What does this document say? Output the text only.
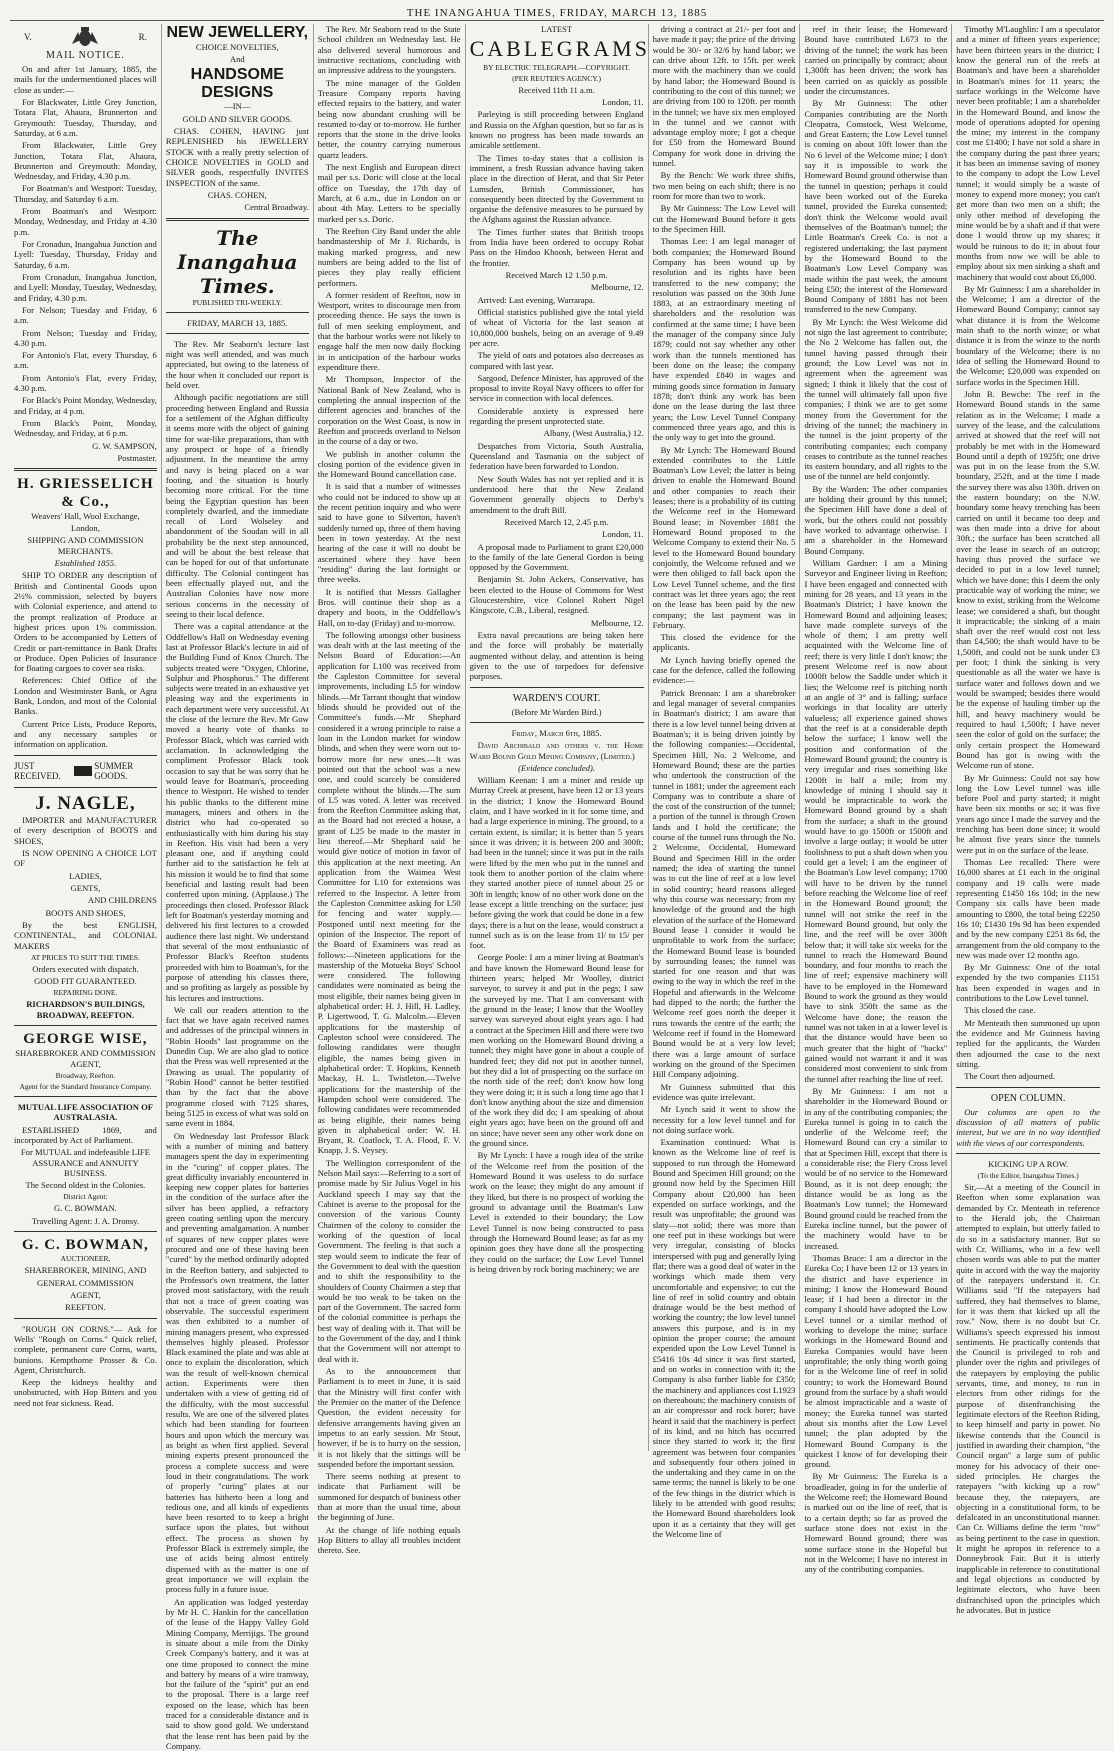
THE INANGAHUA TIMES, FRIDAY, MARCH 13, 1885
V.	R.

MAIL NOTICE.

On and after 1st January, 1885, the mails for the undermentioned places will close as under:—

For Blackwater, Little Grey Junction, Totara Flat, Ahaura, Brunnerton and Greymouth: Tuesday, Thursday, and Saturday, at 6 a.m.

From Blackwater, Little Grey Junction, Totara Flat, Ahaura, Brunnerton and Greymouth: Monday, Wednesday, and Friday, 4.30 p.m.

For Boatman's and Westport: Tuesday, Thursday, and Saturday 6 a.m.

From Boatman's and Westport: Monday, Wednesday, and Friday at 4.30 p.m.

For Cronadun, Inangahua Junction and Lyell: Tuesday, Thursday, Friday and Saturday, 6 a.m.

From Cronadun, Inangahua Junction, and Lyell: Monday, Tuesday, Wednesday, and Friday, 4.30 p.m.

For Nelson; Tuesday and Friday, 6 a.m.

From Nelson; Tuesday and Friday, 4.30 p.m.

For Antonio's Flat, every Thursday, 6 a.m.

From Antonio's Flat, every Friday, 4.30 p.m.

For Black's Point Monday, Wednesday, and Friday, at 4 p.m.

From Black's Point, Monday, Wednesday, and Friday, at 6 p.m.

G. W. SAMPSON,

Postmaster.

H. GRIESSELICH & Co.,

Weavers' Hall, Wool Exchange,

London,

SHIPPING AND COMMISSION MERCHANTS.

Established 1855.

SHIP TO ORDER any description of British and Continental Goods upon 2½% commission, selected by buyers with Colonial experience, and attend to the prompt realization of Produce at highest prices upon 1% commission. Orders to be accompanied by Letters of Credit or part-remittance in Bank Drafts or Produce. Open Policies of Insurance for floating cargoes to cover sea risks.

References: Chief Office of the London and Westminster Bank, or Agra Bank, London, and most of the Colonial Banks.

Current Price Lists, Produce Reports, and any necessary samples or information on application.

JUST RECEIVED.
SUMMER GOODS.
J. NAGLE,

IMPORTER and MANUFACTURER of every description of BOOTS and SHOES,

IS NOW OPENING A CHOICE LOT OF

LADIES,

GENTS,

AND CHILDRENS

BOOTS AND SHOES,

By the best ENGLISH, CONTINENTAL, and COLONIAL MAKERS

AT PRICES TO SUIT THE TIMES.

Orders executed with dispatch.

GOOD FIT GUARANTEED.

REPAIRING DONE.

RICHARDSON'S BUILDINGS, BROADWAY, REEFTON.

GEORGE WISE,

SHAREBROKER AND COMMISSION AGENT,

Broadway, Reefton.

Agent for the Standard Insurance Company.

MUTUAL LIFE ASSOCIATION OF AUSTRALASIA.

ESTABLISHED 1869, and incorporated by Act of Parliament.

For MUTUAL and indefeasible LIFE ASSURANCE and ANNUITY BUSINESS.

The Second oldest in the Colonies.

District Agent:

G. C. BOWMAN.

Travelling Agent: J. A. Dronsy.

G. C. BOWMAN,

AUCTIONEER,

SHAREBROKER, MINING, AND

GENERAL COMMISSION

AGENT,

REEFTON.

"ROUGH ON CORNS."— Ask for Wells' "Rough on Corns." Quick relief, complete, permanent cure Corns, warts, bunions. Kempthorne Prosser & Co. Agent, Christchurch.

Keep the kidneys healthy and unobstructed, with Hop Bitters and you need not fear sickness. Read.

NEW JEWELLERY,

CHOICE NOVELTIES,

And

HANDSOME DESIGNS

—IN—

GOLD AND SILVER GOODS.

CHAS. COHEN, HAVING just REPLENISHED his JEWELLERY STOCK with a really pretty selection of CHOICE NOVELTIES in GOLD and SILVER goods, respectfully INVITES INSPECTION of the same.

CHAS. COHEN,

Central Broadway.

The Inangahua Times.

PUBLISHED TRI-WEEKLY.

FRIDAY, MARCH 13, 1885.

The Rev. Mr Seaborn's lecture last night was well attended, and was much appreciated, but owing to the lateness of the hour when it concluded our report is held over.

Although pacific negotiations are still proceeding between England and Russia for a settlement of the Afghan difficulty it seems more with the object of gaining time for war-like preparations, than with any prospect or hope of a friendly adjustment. In the meantime the army and navy is being placed on a war footing, and the situation is hourly becoming more critical. For the time being the Egyptian question has been completely dwarfed, and the immediate recall of Lord Wolseley and abandonment of the Soudan will in all probability be the next step announced, and will be about the best release that can be hoped for out of that unfortunate difficulty. The Colonial contingent has been effectually played out, and the Australian Colonies have now more serious concerns in the necessity of seeing to their local defence.

There was a capital attendance at the Oddfellow's Hall on Wednesday evening last at Professor Black's lecture in aid of the Building Fund of Knox Church. The subjects treated were "Oxygen, Chlorine, Sulphur and Phosphorus." The different subjects were treated in an exhaustive yet pleasing way and the experiments in each department were very successful. At the close of the lecture the Rev. Mr Gow moved a hearty vote of thanks to Professor Black, which was carried with acclamation. In acknowledging the compliment Professor Black took occasion to say that he was sorry that he would leave for Boatman's, proceeding thence to Westport. He wished to tender his public thanks to the different mine managers, miners and others in the district who had co-operated so enthusiastically with him during his stay in Reefton. His visit had been a very pleasant one, and if anything could further aid to the satisfaction he felt at his mission it would be to find that some beneficial and lasting result had been conferred upon mining. (Applause.) The proceedings then closed. Professor Black left for Boatman's yesterday morning and delivered his first lectures to a crowded audience there last night. We understand that several of the most enthusiastic of Professor Black's Reefton students proceeded with him to Boatman's, for the purpose of attending his classes there, and so profiting as largely as possible by his lectures and instructions.

We call our readers attention to the fact that we have again received names and addresses of the principal winners in "Robin Hoods" last programme on the Dunedin Cup. We are also glad to notice that the Press was well represented at the Drawing as usual. The popularity of "Robin Hood" cannot be better testified than by the fact that the above programme closed with 7125 shares, being 5125 in excess of what was sold on same event in 1884.

On Wednesday last Professor Black with a number of mining and battery managers spent the day in experimenting in the "curing" of copper plates. The great difficulty invariably encountered in keeping new copper plates for batteries in the condition of the surface after the silver has been applied, a refractory green coating settling upon the mercury and preventing amalgamation. A number of squares of new copper plates were procured and one of these having been "cured" by the method ordinarily adopted in the Reefton battery, and subjected to the Professor's own treatment, the latter proved most satisfactory, with the result that not a trace of green coating was observable. The successful experiment was then exhibited to a number of mining managers present, who expressed themselves highly pleased. Professor Black examined the plate and was able at once to explain the discoloration, which was the result of well-known chemical action. Experiments were then undertaken with a view of getting rid of the difficulty, with the most successful results. We are one of the silvered plates which had been standing for fourteen hours and upon which the mercury was as bright as when first applied. Several mining experts present pronounced the process a complete success and were loud in their congratulations. The work of properly "curing" plates at our batteries has hitherto been a long and tedious one, and all kinds of expedients have been resorted to to keep a bright surface upon the plates, but without effect. The process as shown by Professor Black is extremely simple, the use of acids being almost entirely dispensed with as the matter is one of great importance we will explain the process fully in a future issue.

An application was lodged yesterday by Mr H. C. Hankin for the cancellation of the lease of the Happy Valley Gold Mining Company, Merrijigs. The ground is situate about a mile from the Dinky Creek Company's battery, and it was at one time proposed to connect the mine and battery by means of a wire tramway, but the failure of the "spirit" put an end to the proposal. There is a large reef exposed on the lease, which has been traced for a considerable distance and is said to show good gold. We understand that the lease rent has been paid by the Company.

The Rev. Mr Seaborn read to the State School children on Wednesday last. He also delivered several humorous and instructive recitations, concluding with an impressive address to the youngsters.

The mine manager of the Golden Treasure Company reports having effected repairs to the battery, and water being now abundant crushing will be resumed to-day or to-morrow. He further reports that the stone in the drive looks better, the country carrying numerous quartz leaders.

The next English and European direct mail per s.s. Doric will close at the local office on Tuesday, the 17th day of March, at 6 a.m., due in London on or about 4th May. Letters to be specially marked per s.s. Doric.

The Reefton City Band under the able bandmastership of Mr J. Richards, is making marked progress, and new numbers are being added to the list of pieces they play really efficient performers.

A former resident of Reefton, now in Westport, writes to discourage men from proceeding thence. He says the town is full of men seeking employment, and that the harbour works were not likely to engage half the men now daily flocking in in anticipation of the harbour works expenditure there.

Mr Thompson, Inspector of the National Bank of New Zealand, who is completing the annual inspection of the different agencies and branches of the corporation on the West Coast, is now in Reefton and proceeds overland to Nelson in the course of a day or two.

We publish in another column the closing portion of the evidence given in the Homeward Bound cancellation case.

It is said that a number of witnesses who could not be induced to show up at the recent petition inquiry and who were said to have gone to Silverton, haven't suddenly turned up, three of them having been in town yesterday. At the next hearing of the case it will no doubt be ascertained where they have been "residing" during the last fortnight or three weeks.

It is notified that Messrs Gallagher Bros. will continue their shop as a drapery and boots, in the Oddfellow's Hall, on to-day (Friday) and to-morrow.

The following amongst other business was dealt with at the last meeting of the Nelson Board of Education:—An application for L100 was received from the Capleston Committee for several improvements, including L5 for window blinds.—Mr Tarrant thought that window blinds should be provided out of the Committee's funds.—Mr Shephard considered it a wrong principle to raise a loan in the London market for window blinds, and when they were worn out to-borrow more for new ones.—It was pointed out that the school was a new one, and could scarcely be considered complete without the blinds.—The sum of L5 was voted. A letter was received from the Reefton Committee asking that, as the Board had not erected a house, a grant of L25 be made to the master in lieu thereof.—Mr Shephard said he would give notice of motion in favor of this application at the next meeting. An application from the Waimea West Committee for L10 for extensions was referred to the Inspector. A letter from the Capleston Committee asking for L50 for fencing and water supply.—Postponed until next meeting for the opinion of the Inspector. The report of the Board of Examiners was read as follows:—Nineteen applications for the mastership of the Motueka Boys' School were considered. The following candidates were nominated as being the most eligible, their names being given in alphabetical order: H. J. Hill, H. Ladley, P. Ligertwood, T. G. Malcolm.—Eleven applications for the mastership of Capleston school were considered. The following candidates were thought eligible, the names being given in alphabetical order: T. Hopkins, Kenneth Mackay, H. L. Twistleton.—Twelve applications for the mastership of the Hampden school were considered. The following candidates were recommended as being eligible, their names being given in alphabetical order: W. H. Bryant, R. Coatlock, T. A. Flood, F. V. Knapp, J. S. Veysey.

The Wellington correspondent of the Nelson Mail says:—Referring to a sort of promise made by Sir Julius Vogel in his Auckland speech I may say that the Cabinet is averse to the proposal for the conversion of the various County Chairmen of the colony to consider the working of the question of local Government. The feeling is that such a step would seem to indicate the fear of the Government to deal with the question and to shift the responsibility to the shoulders of County Chairmen a step that would be too weak to be taken on the part of the Government. The sacred form of the colonial committee is perhaps the best way of dealing with it. That will be to the Government of the day, and I think that the Government will not attempt to deal with it.

As to the announcement that Parliament is to meet in June, it is said that the Ministry will first confer with the Premier on the matter of the Defence Question, the evident necessity for defensive arrangements having given an impetus to an early session. Mr Stout, however, if he is to hurry on the session, it is not likely that the sittings will be suspended before the important session.

There seems nothing at present to indicate that Parliament will be summoned for despatch of business other than at more than the usual time, about the beginning of June.

At the change of life nothing equals Hop Bitters to allay all troubles incident thereto. See.

LATEST

CABLEGRAMS

BY ELECTRIC TELEGRAPH.—COPYRIGHT.

(PER REUTER'S AGENCY.)

Received 11th 11 a.m.

London, 11.

Parleying is still proceeding between England and Russia on the Afghan question, but so far as is known no progress has been made towards an amicable settlement.

The Times to-day states that a collision is imminent, a fresh Russian advance having taken place in the direction of Herat, and that Sir Peter Lumsden, British Commissioner, has consequently been directed by the Government to organise the defensive measures to be pursued by the Afghans against the Russian advance.

The Times further states that British troops from India have been ordered to occupy Robat Pass on the Hindoo Khoosh, between Herat and the frontier.

Received March 12 1.50 p.m.

Melbourne, 12.

Arrived: Last evening, Warrarapa.

Official statistics published give the total yield of wheat of Victoria for the last season at 10,800,000 bushels, being on an average of 9.49 per acre.

The yield of oats and potatoes also decreases as compared with last year.

Sargood, Defence Minister, has approved of the proposal to invite Royal Navy officers to offer for service in connection with local defences.

Considerable anxiety is expressed here regarding the present unprotected state.

Albany, (West Australia,) 12.

Despatches from Victoria, South Australia, Queensland and Tasmania on the subject of federation have been forwarded to London.

New South Wales has not yet replied and it is understood here that the New Zealand Government generally objects to Derby's amendment to the draft Bill.

Received March 12, 2.45 p.m.

London, 11.

A proposal made to Parliament to grant £20,000 to the family of the late General Gordon is being opposed by the Government.

Benjamin St. John Ackers, Conservative, has been elected to the House of Commons for West Gloucestershire, vice Colonel Robert Nigel Kingscote, C.B., Liberal, resigned.

Melbourne, 12.

Extra naval precautions are being taken here and the force will probably be materially augmented without delay, and attention is being given to the use of torpedoes for defensive purposes.

WARDEN'S COURT.

(Before Mr Warden Bird.)

Friday, March 6th, 1885.

David Archibald and others v. the Home Ward Bound Gold Mining Company, (Limited.)

(Evidence concluded).

William Keenan: I am a miner and reside up Murray Creek at present, have been 12 or 13 years in the district; I know the Homeward Bound claim, and I have worked in it for some time, and had a large experience in mining. The ground, to a certain extent, is similar; it is better than 5 years since it was driven; it is between 200 and 300ft; had been in the tunnel; since it was put in the rails were lifted by the men who put in the tunnel and took them to another portion of the claim where they started another piece of tunnel about 25 or 30ft in length; know of no other work done on the lease except a little trenching on the surface; just before giving the work that could be done in a few days; there is a hut on the lease, would construct a tunnel such as is on the lease from 1l/ to 15/ per foot.

George Poole: I am a miner living at Boatman's and have known the Homeward Bound lease for thirteen years; helped Mr Woolley, district surveyor, to survey it and put in the pegs; I saw the surveyed by me. That I am conversant with the ground in the lease; I know that the Woolley survey was surveyed about eight years ago. I had a contract at the Specimen Hill and there were two men working on the Homeward Bound driving a tunnel; they might have gone in about a couple of hundred feet; they did not put in another tunnel, but they did a lot of prospecting on the surface on the north side of the reef; don't know how long they were doing it; it is such a long time ago that I don't know anything about the size and dimension of the work they did do; I am speaking of about eight years ago; have been on the ground off and on since; have never seen any other work done on the ground since.

By Mr Lynch: I have a rough idea of the strike of the Welcome reef from the position of the Homeward Bound it was useless to do surface work on the lease; they might do any amount if they liked, but there is no prospect of working the ground to advantage until the Boatman's Low Level is extended to their boundary; the Low Level Tunnel is now being constructed to pass through the Homeward Bound lease; as far as my opinion goes they have done all the prospecting they could on the surface; the Low Level Tunnel is being driven by rock boring machinery; we are

driving a contract at 21/- per foot and have made it pay; the price of the driving would be 30/- or 32/6 by hand labor; we can drive about 12ft. to 15ft. per week more with the machinery than we could by hand labor; the Homeward Bound is contributing to the cost of this tunnel; we are driving from 100 to 120ft. per month in the tunnel; we have six men employed in the tunnel and we cannot with advantage employ more; I got a cheque for £50 from the Homeward Bound Company for work done in driving the tunnel.

By the Bench: We work three shifts, two men being on each shift; there is no room for more than two to work.

By Mr Guinness: The Low Level will cut the Homeward Bound before it gets to the Specimen Hill.

Thomas Lee: I am legal manager of both companies; the Homeward Bound Company has been wound up by resolution and its rights have been transferred to the new company; the resolution was passed on the 30th June 1883, at an extraordinary meeting of shareholders and the resolution was confirmed at the same time; I have been the manager of the company since July 1879; could not say whether any other work than the tunnels mentioned has been done on the lease; the company have expended £840 in wages and mining goods since formation in January 1878; don't think any work has been done on the lease during the last three years; the Low Level Tunnel Company commenced three years ago, and this is the only way to get into the ground.

By Mr Lynch: The Homeward Bound extended contributes to the Little Boatman's Low Level; the latter is being driven to enable the Homeward Bound and other companies to reach their leases; there is a probability of its cutting the Welcome reef in the Homeward Bound lease; in November 1881 the Homeward Bound proposed to the Welcome Company to extend their No. 5 level to the Homeward Bound boundary conjointly, the Welcome refused and we were then obliged to fall back upon the Low Level Tunnel scheme, and the first contract was let three years ago; the rent on the lease has been paid by the new company; the last payment was in February.

This closed the evidence for the applicants.

Mr Lynch having briefly opened the case for the defence, called the following evidence:—

Patrick Brennan: I am a sharebroker and legal manager of several companies in Boatman's district; I am aware that there is a low level tunnel being driven at Boatman's; it is being driven jointly by the following companies:—Occidental, Specimen Hill, No. 2 Welcome, and Homeward Bound; these are the parties who undertook the construction of the tunnel in 1881; under the agreement each Company was to contribute a share of the cost of the construction of the tunnel; a portion of the tunnel is through Crown lands and I hold the certificate; the course of the tunnel runs through the No. 2 Welcome, Occidental, Homeward Bound and Specimen Hill in the order named; the idea of starting the tunnel was to cut the line of reef at a low level in solid country; heard reasons alleged why this course was necessary; from my knowledge of the ground and the high elevation of the surface of the Homeward Bound lease I consider it would be unprofitable to work from the surface; the Homeward Bound lease is bounded by surrounding leases; the tunnel was started for one reason and that was owing to the way in which the reef in the Hopeful and afterwards in the Welcome had dipped to the north; the further the Welcome reef goes north the deeper it runs towards the centre of the earth; the Welcome reef if found in the Homeward Bound would be at a very low level; there was a large amount of surface working on the ground of the Specimen Hill Company adjoining.

Mr Guinness submitted that this evidence was quite irrelevant.

Mr Lynch said it went to show the necessity for a low level tunnel and for not doing surface work.

Examination continued: What is known as the Welcome line of reef is supposed to run through the Homeward Bound and Specimen Hill ground; on the ground now held by the Specimen Hill Company about £20,000 has been expended on surface workings, and the result was unprofitable; the ground was slaty—not solid; there was more than one reef put in these workings but were very irregular, consisting of blocks interspersed with pug and generally lying flat; there was a good deal of water in the workings which made them very uncomfortable and expensive; to cut the line of reef in solid country and obtain drainage would be the best method of working the country; the low level tunnel answers this purpose, and is in my opinion the proper course; the amount expended upon the Low Level Tunnel is £5416 10s 4d since it was first started, and on works in connection with it; the Company is also further liable for £350; the machinery and appliances cost L1923 on thereabouts; the machinery consists of an air compressor and rock borer; have heard it said that the machinery is perfect of its kind, and no hitch has occurred since they started to work it; the first agreement was between four companies and subsequently four others joined in the undertaking and they came in on the same terms; the tunnel is likely to be one of the few things in the district which is likely to be attended with good results; the Homeward Bound shareholders look upon it as a certainty that they will get the Welcome line of

reef in their lease; the Homeward Bound have contributed L673 to the driving of the tunnel; the work has been carried on principally by contract; about 1,300ft has been driven; the work has been carried on as quickly as possible under the circumstances.

By Mr Guinness: The other Companies contributing are the North Cleopatra, Comstock, West Welcome, and Great Eastern; the Low Level tunnel is coming on about 10ft lower than the No 6 level of the Welcome mine; I don't say it is impossible to work the Homeward Bound ground otherwise than the tunnel in question; perhaps it could have been worked out of the Eureka tunnel, provided the Eureka consented; don't think the Welcome would avail themselves of the Boatman's tunnel; the Little Boatman's Creek Co. is not a registered undertaking; the last payment by the Homeward Bound to the Boatman's Low Level Company was made within the past week, the amount being £50; the interest of the Homeward Bound Company of 1881 has not been transferred to the new Company.

By Mr Lynch: the West Welcome did not sign the last agreement to contribute; the No 2 Welcome has fallen out, the tunnel having passed through their ground; the Low Level was not in agreement when the agreement was signed; I think it likely that the cost of the tunnel will ultimately fall upon five companies; I think we are to get some money from the Government for the driving of the tunnel; the machinery in the tunnel is the joint property of the contributing companies; each company ceases to contribute as the tunnel reaches its eastern boundary, and all rights to the use of the tunnel are held conjointly.

By the Warden: The other companies are holding their ground by this tunnel; the Specimen Hill have done a deal of work, but the others could not possibly have worked to advantage otherwise. I am a shareholder in the Homeward Bound Company.

William Gardner: I am a Mining Surveyor and Engineer living in Reefton; I have been engaged and connected with mining for 28 years, and 13 years in the Boatman's District; I have known the Homeward Bound and adjoining leases; have made complete surveys of the whole of them; I am pretty well acquainted with the Welcome line of reef; there is very little I don't know; the present Welcome reef is now about 1000ft below the Saddle under which it lies; the Welcome reef is pitching north at an angle of 3° and is falling; surface workings in that locality are utterly valueless; all experience gained shows that the reef is at a considerable depth below the surface; I know well the position and conformation of the Homeward Bound ground; the country is very irregular and rises something like 1200ft in half a mile; from my knowledge of mining I should say it would be impracticable to work the Homeward Bound ground by a shaft from the surface; a shaft in the ground would have to go 1500ft or 1500ft and involve a large outlay; it would be utter foolishness to put a shaft down when you could get a level; I am the engineer of the Boatman's Low level company; 1700 will have to be driven by the tunnel before reaching the Welcome line of reef in the Homeward Bound ground; the tunnel will not strike the reef in the Homeward Bound ground, but only the line, and the reef will be over 300ft below that; it will take six weeks for the tunnel to reach the Homeward Bound boundary, and four months to reach the line of reef; expensive machinery will have to be employed in the Homeward Bound to work the ground as they would have to sink 350ft the same as the Welcome have done; the reason the tunnel was not taken in at a lower level is that the distance would have been so much greater that the hight of "backs" gained would not warrant it and it was considered most convenient to sink from the tunnel after reaching the line of reef.

By Mr Guinness: I am not a shareholder in the Homeward Bound or in any of the contributing companies; the Eureka tunnel is going in to catch the underlie of the Welcome reef; the Homeward Bound can cry a similar to that at Specimen Hill, except that there is a considerable rise; the Fiery Cross level would be of no service to the Homeward Bound, as it is not deep enough; the distance would be as long as the Boatman's Low tunnel; the Homeward Bound ground could be reached from the Eureka incline tunnel, but the power of the machinery would have to be increased.

Thomas Bruce: I am a director in the Eureka Co; I have been 12 or 13 years in the district and have experience in mining; I know the Homeward Bound lease; if I had been a director in the company I should have adopted the Low Level tunnel or a similar method of working to develope the mine; surface workings in the Homeward Bound and Eureka Companies would have been unprofitable; the only thing worth going for is the Welcome line of reef in solid country; to work the Homeward Bound ground from the surface by a shaft would be almost impracticable and a waste of money; the Eureka tunnel was started about six months after the Low Level tunnel; the plan adopted by the Homeward Bound Company is the quickest I know of for developing their ground.

By Mr Guinness: The Eureka is a broadleader, going in for the underlie of the Welcome reef; the Homeward Bound is marked out on the line of reef, that is to a certain depth; so far as proved the surface stone does not exist in the Homeward Bound ground; there was some surface stone in the Hopeful but not in the Welcome; I have no interest in any of the contributing companies.

Timothy M'Laughlin: I am a speculator and a miner of fifteen years experience; have been thirteen years in the district; I know the general run of the reefs at Boatman's and have been a shareholder in Boatman's mines for 11 years; the surface workings in the Welcome have never been profitable; I am a shareholder in the Homeward Bound, and know the mode of operations adopted for opening the mine; my interest in the company cost me £1400; I have not sold a share in the company during the past three years; it has been an immense saving of money to the company to adopt the Low Level tunnel; it would simply be a waste of money to expend more money; you can't get more than two men on a shift; the only other method of developing the mine would be by a shaft and if that were done I would throw up my shares; it would be ruinous to do it; in about four months from now we will be able to employ about six men sinking a shaft and machinery that would cost about £6,000.

By Mr Guinness: I am a shareholder in the Welcome; I am a director of the Homeward Bound Company; cannot say what distance it is from the Welcome main shaft to the north winze; or what distance it is from the winze to the north boundary of the Welcome; there is no idea of selling the Homeward Bound to the Welcome; £20,000 was expended on surface works in the Specimen Hill.

John B. Bewche: The reef in the Homeward Bound stands in the same relation as in the Welcome; I made a survey of the lease, and the calculations arrived at showed that the reef will not probably be met with in the Homeward Bound until a depth of 1925ft; one drive was put in on the lease from the S.W. boundary, 252ft, and at the time I made the survey there was also 130ft. driven on the eastern boundary; on the N.W. boundary some heavy trenching has been carried on until it became too deep and was then made into a drive for about 30ft.; the surface has been scratched all over the lease in search of an outcrop; having thus proved the surface we decided to put in a low level tunnel; which we have done; this I deem the only practicable way of working the mine; we know to exist, striking from the Welcome lease; we considered a shaft, but thought it impracticable; the sinking of a main shaft over the reef would cost not less than £4,500; the shaft would have to be 1,500ft, and could not be sunk under £3 per foot; I think the sinking is very questionable as all the water we have is surface water and follows down and we would be swamped; besides there would be the expense of hauling timber up the hill, and heavy machinery would be required to haul 1,500ft; I have never seen the color of gold on the surface; the only certain prospect the Homeward Bound has got is owing with the Welcome run of stone.

By Mr Guinness: Could not say how long the Low Level tunnel was idle before Pool and party started; it might have been six months or so; it was five years ago since I made the survey and the trenching has been done since; it would be almost five years since the tunnels were put in on the surface of the lease.

Thomas Lee recalled: There were 16,000 shares at £1 each in the original company and 19 calls were made representing £1450 16s 10d; in the new Company six calls have been made amounting to £800, the total being £2250 16s 10; £1430 19s 9d has been expended and by the new company £251 8s 6d, the arrangement from the old company to the new was made over 12 months ago.

By Mr Guinness: One of the total expended by the two companies £1151 has been expended in wages and in contributions to the Low Level tunnel.

This closed the case.

Mr Menteath then summoned up upon the evidence and Mr Guinness having replied for the applicants, the Warden then adjourned the case to the next sitting.

The Court then adjourned.

OPEN COLUMN.

Our columns are open to the discussion of all matters of public interest, but we are in no way identified with the views of our correspondents.

KICKING UP A ROW.

(To the Editor, Inangahua Times.)

Sir,—At a meeting of the Council in Reefton when some explanation was demanded by Cr. Menteath in reference to the Herald job, the Chairman attempted to explain, but utterly failed to do so in a satisfactory manner. But so with Cr. Williams, who in a few well chosen words was able to put the matter quite in accord with the way the majority of the ratepayers understand it. Cr. Williams said "If the ratepayers had suffered, they had themselves to blame, for it was them that kicked up all the row." Now, there is no doubt but Cr. Williams's speech expressed his inmost sentiments. He practically contends that the Council is privileged to rob and plunder over the rights and privileges of the ratepayers by employing the public servants, time, and money, to run in electors from other ridings for the purpose of disenfranchising the legitimate electors of the Reefton Riding, to keep himself and party in power. No likewise contends that the Council is justified in awarding their champion, "the Council organ" a large sum of public money for his advocacy of their one-sided principles. He charges the ratepayers "with kicking up a row" because they, the ratepayers, are objecting in a constitutional form, to be defalcated in an unconstitutional manner. Can Cr. Williams define the term "row" as being pertinent to the case in question. It might be apropos in reference to a Donneybrook Fair. But it is utterly inapplicable in reference to constitutional and legal objections as conducted by legitimate electors, who have been disfranchised upon the principles which he advocates. But in justice
